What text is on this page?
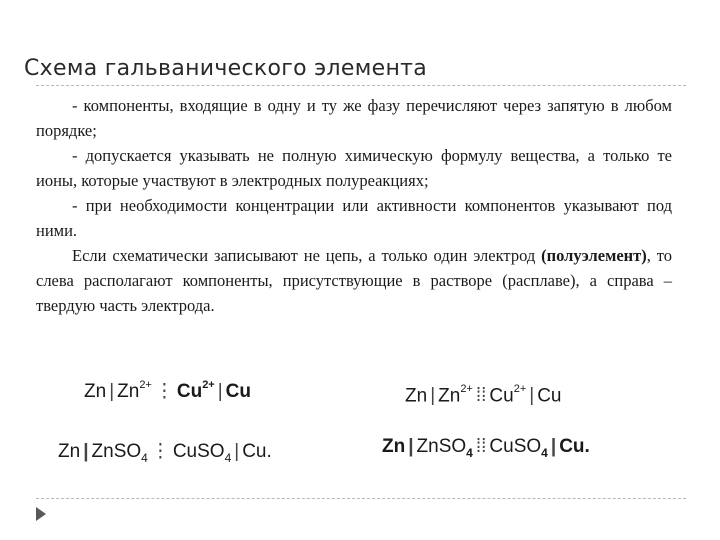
Схема гальванического элемента

- компоненты, входящие в одну и ту же фазу перечисляют через запятую в любом порядке;

- допускается указывать не полную химическую формулу вещества, а только те ионы, которые участвуют в электродных полуреакциях;

- при необходимости концентрации или активности компонентов указывают под ними.

Если схематически записывают не цепь, а только один электрод (полуэлемент), то слева располагают компоненты, присутствующие в растворе (расплаве), а справа – твердую часть электрода.

Zn | $Zn^{2+}$ ⋮ $Cu^{2+}$ | Cu	Zn | $Zn^{2+}$ ⁞⁞ $Cu^{2+}$ | Cu
Zn | ZnSO$_4$ ⋮ CuSO$_4$ | Cu.	Zn | ZnSO$_4$ ⁞⁞ CuSO$_4$ | Cu.
